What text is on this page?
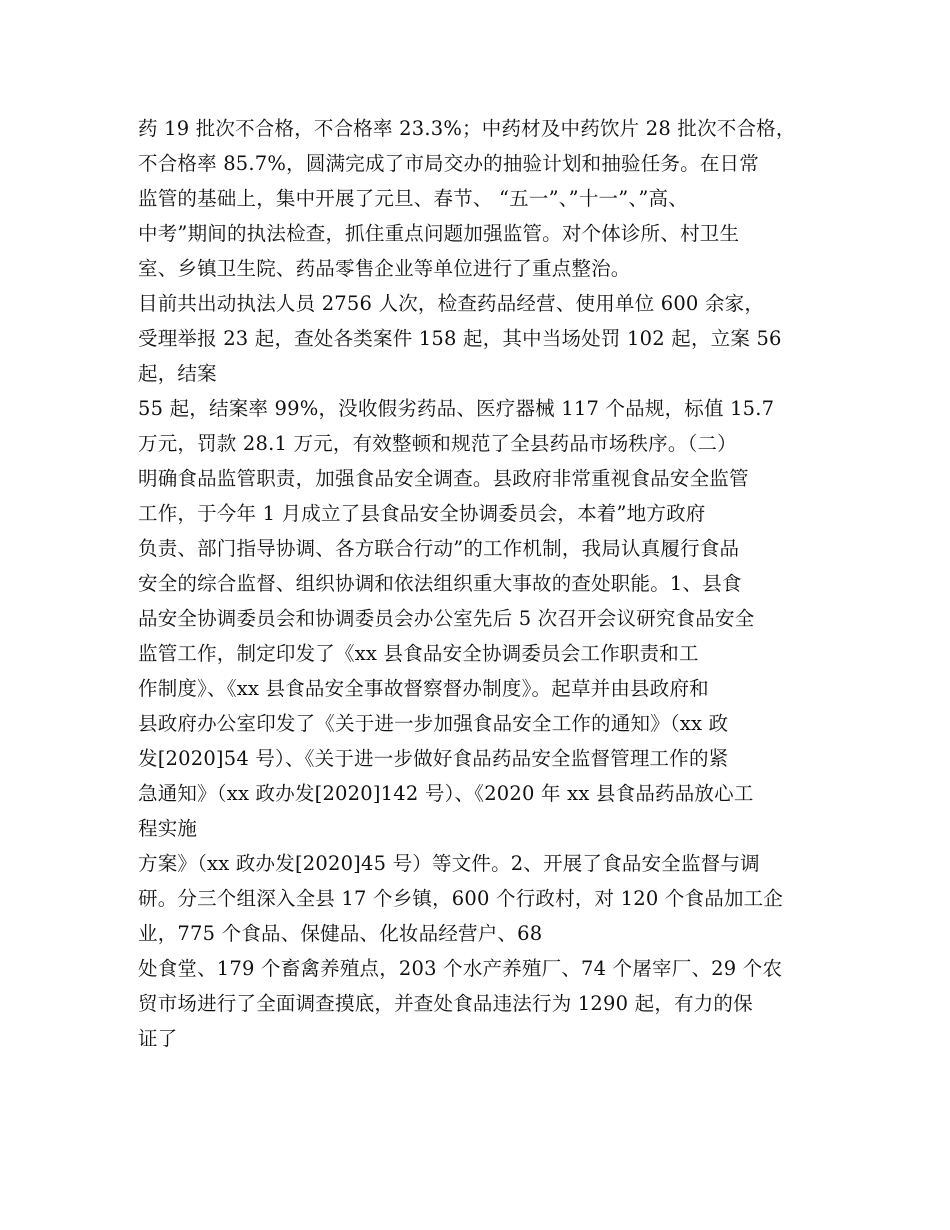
药 19 批次不合格，不合格率 23.3%；中药材及中药饮片 28 批次不合格，
不合格率 85.7%，圆满完成了市局交办的抽验计划和抽验任务。在日常
监管的基础上，集中开展了元旦、春节、 “五一”、”十一”、”高、
中考”期间的执法检查，抓住重点问题加强监管。对个体诊所、村卫生
室、乡镇卫生院、药品零售企业等单位进行了重点整治。
目前共出动执法人员 2756 人次，检查药品经营、使用单位 600 余家，
受理举报 23 起，查处各类案件 158 起，其中当场处罚 102 起，立案 56
起，结案
55 起，结案率 99%，没收假劣药品、医疗器械 117 个品规，标值 15.7
万元，罚款 28.1 万元，有效整顿和规范了全县药品市场秩序。（二）
明确食品监管职责，加强食品安全调查。县政府非常重视食品安全监管
工作，于今年 1 月成立了县食品安全协调委员会，本着”地方政府
负责、部门指导协调、各方联合行动”的工作机制，我局认真履行食品
安全的综合监督、组织协调和依法组织重大事故的查处职能。1、县食
品安全协调委员会和协调委员会办公室先后 5 次召开会议研究食品安全
监管工作，制定印发了《xx 县食品安全协调委员会工作职责和工
作制度》、《xx 县食品安全事故督察督办制度》。起草并由县政府和
县政府办公室印发了《关于进一步加强食品安全工作的通知》（xx 政
发[2020]54 号）、《关于进一步做好食品药品安全监督管理工作的紧
急通知》（xx 政办发[2020]142 号）、《2020 年 xx 县食品药品放心工
程实施
方案》（xx 政办发[2020]45 号）等文件。2、开展了食品安全监督与调
研。分三个组深入全县 17 个乡镇，600 个行政村，对 120 个食品加工企
业，775 个食品、保健品、化妆品经营户、68
处食堂、179 个畜禽养殖点，203 个水产养殖厂、74 个屠宰厂、29 个农
贸市场进行了全面调查摸底，并查处食品违法行为 1290 起，有力的保
证了
